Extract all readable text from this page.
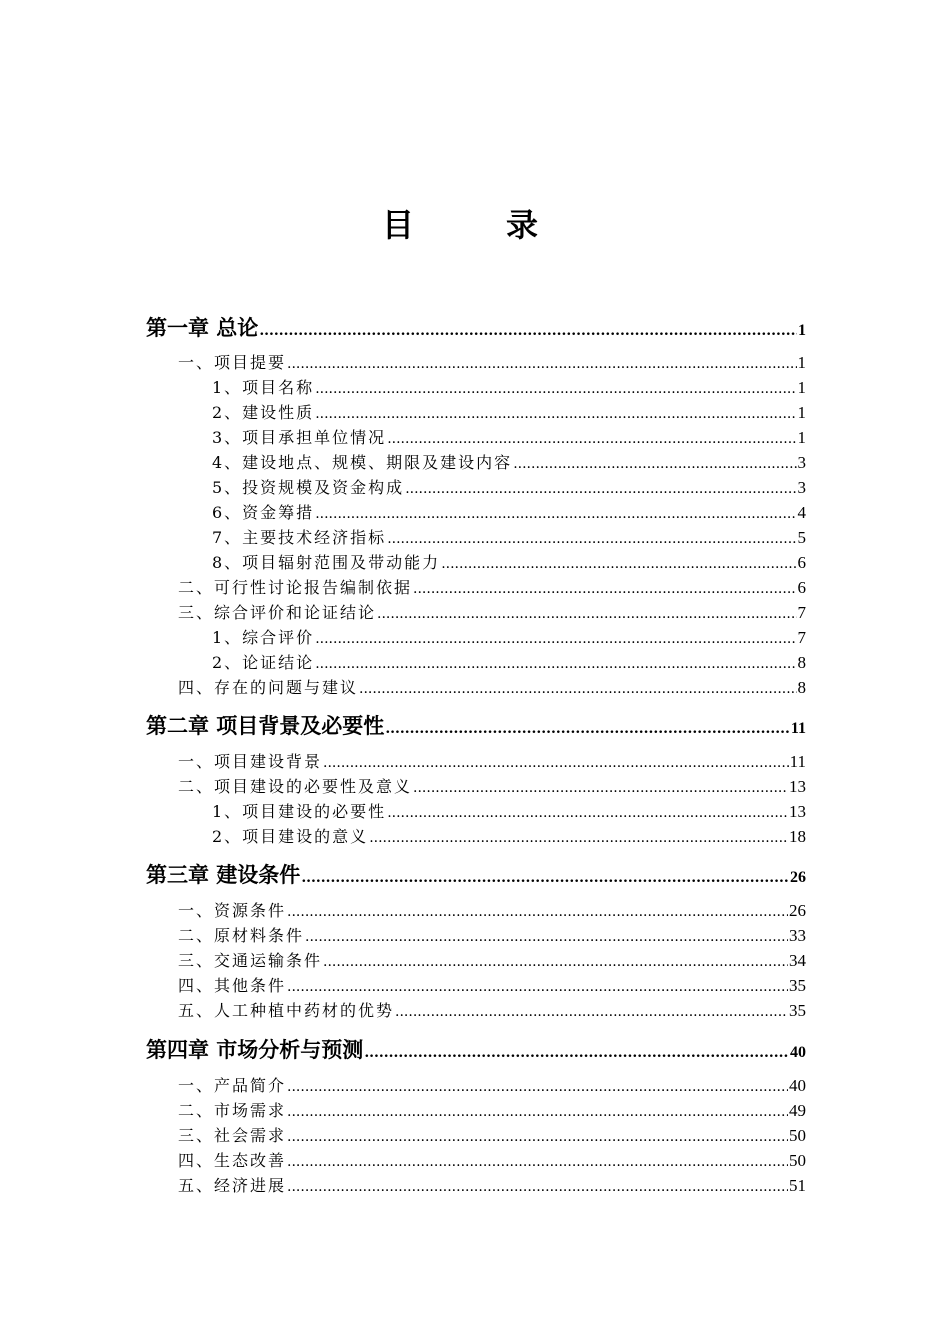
目　录
第一章 总论 .....	1
一、项目提要 .....	1
1、项目名称 .....	1
2、建设性质 .....	1
3、项目承担单位情况 .....	1
4、建设地点、规模、期限及建设内容 .....	3
5、投资规模及资金构成 .....	3
6、资金筹措 .....	4
7、主要技术经济指标 .....	5
8、项目辐射范围及带动能力 .....	6
二、可行性讨论报告编制依据 .....	6
三、综合评价和论证结论 .....	7
1、综合评价 .....	7
2、论证结论 .....	8
四、存在的问题与建议 .....	8
第二章 项目背景及必要性 .....	11
一、项目建设背景 .....	11
二、项目建设的必要性及意义 .....	13
1、项目建设的必要性 .....	13
2、项目建设的意义 .....	18
第三章 建设条件 .....	26
一、资源条件 .....	26
二、原材料条件 .....	33
三、交通运输条件 .....	34
四、其他条件 .....	35
五、人工种植中药材的优势 .....	35
第四章 市场分析与预测 .....	40
一、产品简介 .....	40
二、市场需求 .....	49
三、社会需求 .....	50
四、生态改善 .....	50
五、经济进展 .....	51
